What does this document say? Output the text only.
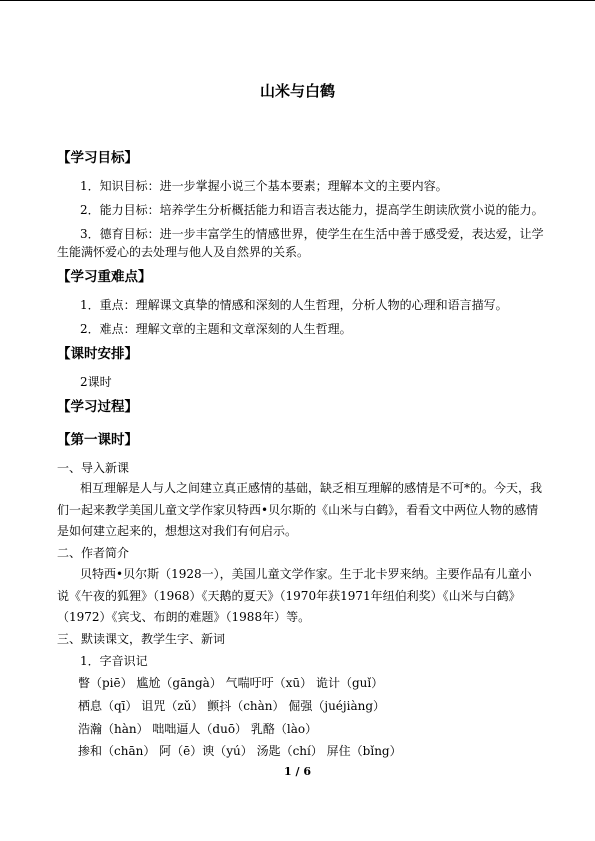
山米与白鹤
【学习目标】
1．知识目标：进一步掌握小说三个基本要素；理解本文的主要内容。
2．能力目标：培养学生分析概括能力和语言表达能力，提高学生朗读欣赏小说的能力。
3．德育目标：进一步丰富学生的情感世界，使学生在生活中善于感受爱，表达爱，让学
生能满怀爱心的去处理与他人及自然界的关系。
【学习重难点】
1．重点：理解课文真挚的情感和深刻的人生哲理，分析人物的心理和语言描写。
2．难点：理解文章的主题和文章深刻的人生哲理。
【课时安排】
2课时
【学习过程】
【第一课时】
一、导入新课
相互理解是人与人之间建立真正感情的基础，缺乏相互理解的感情是不可*的。今天，我
们一起来教学美国儿童文学作家贝特西•贝尔斯的《山米与白鹤》，看看文中两位人物的感情
是如何建立起来的，想想这对我们有何启示。
二、作者简介
贝特西•贝尔斯（1928一），美国儿童文学作家。生于北卡罗来纳。主要作品有儿童小
说《午夜的狐狸》（1968）《天鹅的夏天》（1970年获1971年纽伯利奖）《山米与白鹤》
（1972）《宾戈、布朗的难题》（1988年）等。
三、默读课文，教学生字、新词
1．字音识记
瞥（piē） 尴尬（gāngà） 气喘吁吁（xū） 诡计（guǐ）
栖息（qī） 诅咒（zǔ） 颤抖（chàn） 倔强（juéjiàng）
浩瀚（hàn） 咄咄逼人（duō） 乳酪（lào）
掺和（chān） 阿（ē）谀（yú） 汤匙（chí） 屏住（bǐng）
1 / 6
